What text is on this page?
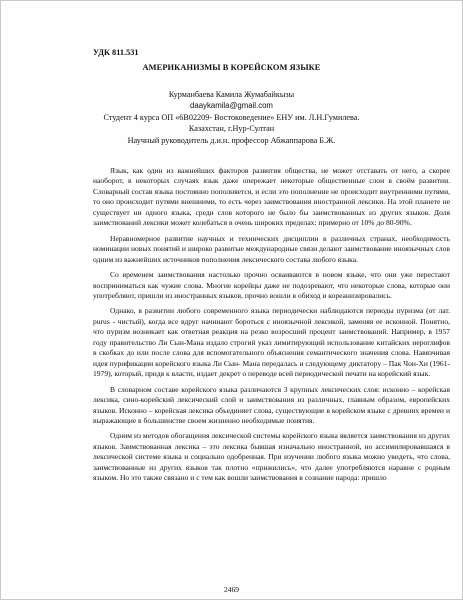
УДК 811.531
АМЕРИКАНИЗМЫ В КОРЕЙСКОМ ЯЗЫКЕ
Курманбаева Камила Жумабайкызы
daaykamila@gmail.com
Студент 4 курса ОП «6В02209- Востоковедение» ЕНУ им. Л.Н.Гумилева.
Казахстан, г.Нур-Султан
Научный руководитель д.и.н. профессор Абжаппарова Б.Ж.

Язык, как один из важнейших факторов развития общества, не может отставать от него, а скорее наоборот, в некоторых случаях язык даже опережает некоторые общественные слои в своём развитии. Словарный состав языка постоянно пополняется, и если это пополнение не происходит внутренними путями, то оно происходит путями внешними, то есть через заимствования иностранной лексики. На этой планете не существует ни одного языка, среди слов которого не было бы заимствованных из других языков. Доля заимствований лексики может колебаться в очень широких пределах: примерно от 10% до 80-90%.

Неравномерное развитие научных и технических дисциплин в различных странах, необходимость номинации новых понятий и широко развитые международные связи делают заимствование иноязычных слов одним из важнейших источников пополнения лексического состава любого языка.

Со временем заимствования настолько прочно осваиваются в новом языке, что они уже перестают восприниматься как чужие слова. Многие корейцы даже не подозревают, что некоторые слова, которые они употребляют, пришли из иностранных языков, прочно вошли в обиход и кореанизировались.

Однако, в развитии любого современного языка периодически наблюдаются периоды пуризма (от лат. purus - чистый), когда все вдруг начинают бороться с иноязычной лексикой, заменяя ее исконной. Понятно, что пуризм возникает как ответная реакция на резко возросший процент заимствований. Например, в 1957 году правительство Ли Сын-Мана издало строгий указ лимитирующий использование китайских иероглифов в скобках до или после слова для вспомогательного объяснения семантического значения слова. Навязчивая идея пурификации корейского языка Ли Сын- Мана передалась и следующему диктатору – Пак Чон-Хи (1961-1979), который, придя к власти, издает декрет о переводе всей периодической печати на корейский язык.

В словарном составе корейского языка различаются 3 крупных лексических слоя: исконно – корейская лексика, сино-корейский лексический слой и заимствования из различных, главным образом, европейских языков. Исконно – корейская лексика объединяет слова, существующие в корейском языке с древних времен и выражающие в большинстве своем жизненно необходимые понятия.

Одним из методов обогащения лексической системы корейского языка является заимствования из других языков. Заимствованная лексика – это лексика бывшая изначально иностранной, но ассимилировавшаяся в лексической системе языка и социально одобренная. При изучении любого языка можно увидеть, что слова, заимствованные из других языков так плотно «прижились», что далее употребляются наравне с родным языком. Но это также связано и с тем как вошли заимствования в сознание народа: пришло

2469
